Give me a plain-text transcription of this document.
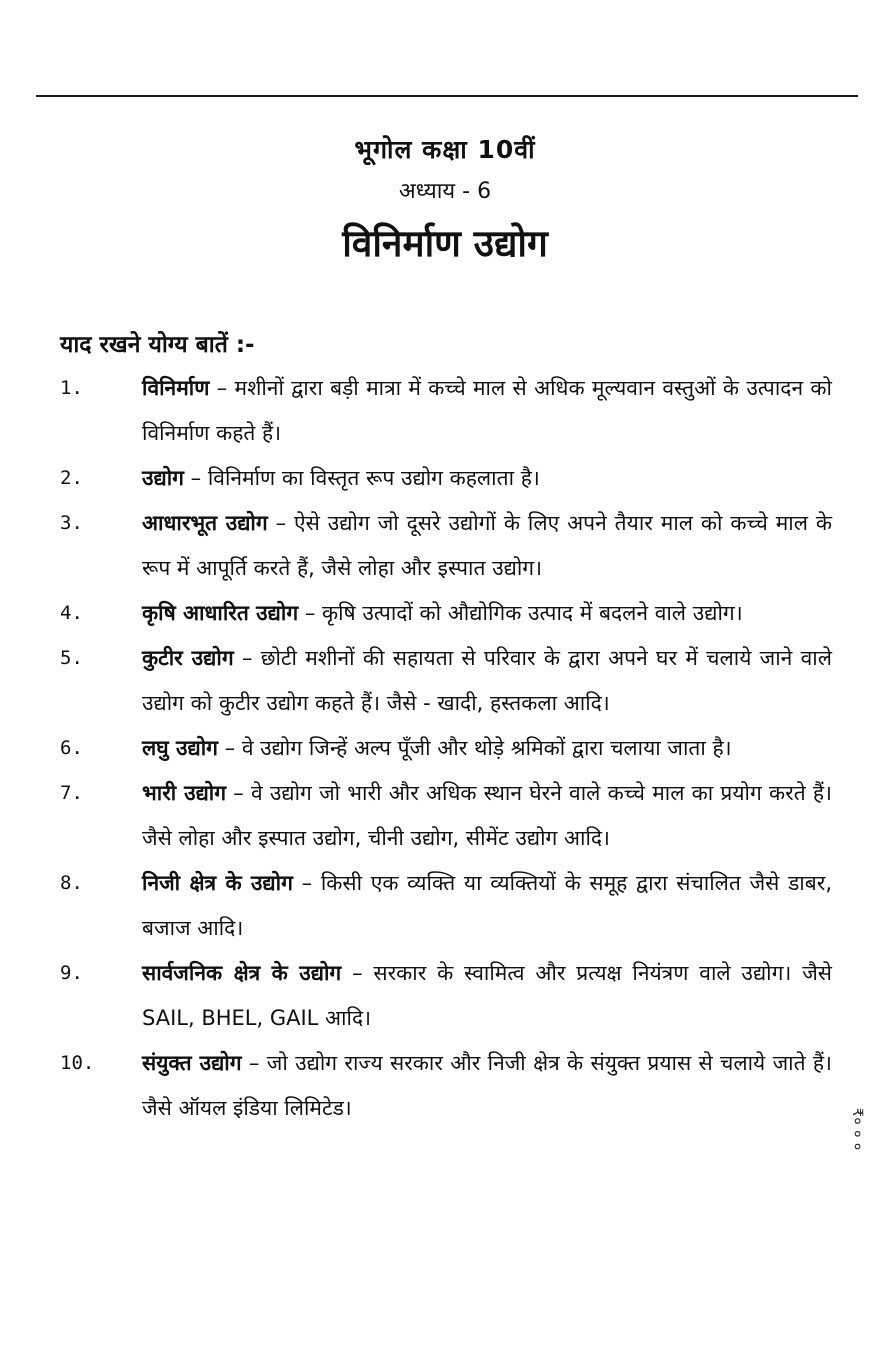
भूगोल कक्षा 10वीं
अध्याय - 6
विनिर्माण उद्योग
याद रखने योग्य बातें :-
1.	विनिर्माण – मशीनों द्वारा बड़ी मात्रा में कच्चे माल से अधिक मूल्यवान वस्तुओं के उत्पादन को विनिर्माण कहते हैं।
2.	उद्योग – विनिर्माण का विस्तृत रूप उद्योग कहलाता है।
3.	आधारभूत उद्योग – ऐसे उद्योग जो दूसरे उद्योगों के लिए अपने तैयार माल को कच्चे माल के रूप में आपूर्ति करते हैं, जैसे लोहा और इस्पात उद्योग।
4.	कृषि आधारित उद्योग – कृषि उत्पादों को औद्योगिक उत्पाद में बदलने वाले उद्योग।
5.	कुटीर उद्योग – छोटी मशीनों की सहायता से परिवार के द्वारा अपने घर में चलाये जाने वाले उद्योग को कुटीर उद्योग कहते हैं। जैसे - खादी, हस्तकला आदि।
6.	लघु उद्योग – वे उद्योग जिन्हें अल्प पूँजी और थोड़े श्रमिकों द्वारा चलाया जाता है।
7.	भारी उद्योग – वे उद्योग जो भारी और अधिक स्थान घेरने वाले कच्चे माल का प्रयोग करते हैं। जैसे लोहा और इस्पात उद्योग, चीनी उद्योग, सीमेंट उद्योग आदि।
8.	निजी क्षेत्र के उद्योग – किसी एक व्यक्ति या व्यक्तियों के समूह द्वारा संचालित जैसे डाबर, बजाज आदि।
9.	सार्वजनिक क्षेत्र के उद्योग – सरकार के स्वामित्व और प्रत्यक्ष नियंत्रण वाले उद्योग। जैसे SAIL, BHEL, GAIL आदि।
10.	संयुक्त उद्योग – जो उद्योग राज्य सरकार और निजी क्षेत्र के संयुक्त प्रयास से चलाये जाते हैं। जैसे ऑयल इंडिया लिमिटेड।	₹० ० ०
